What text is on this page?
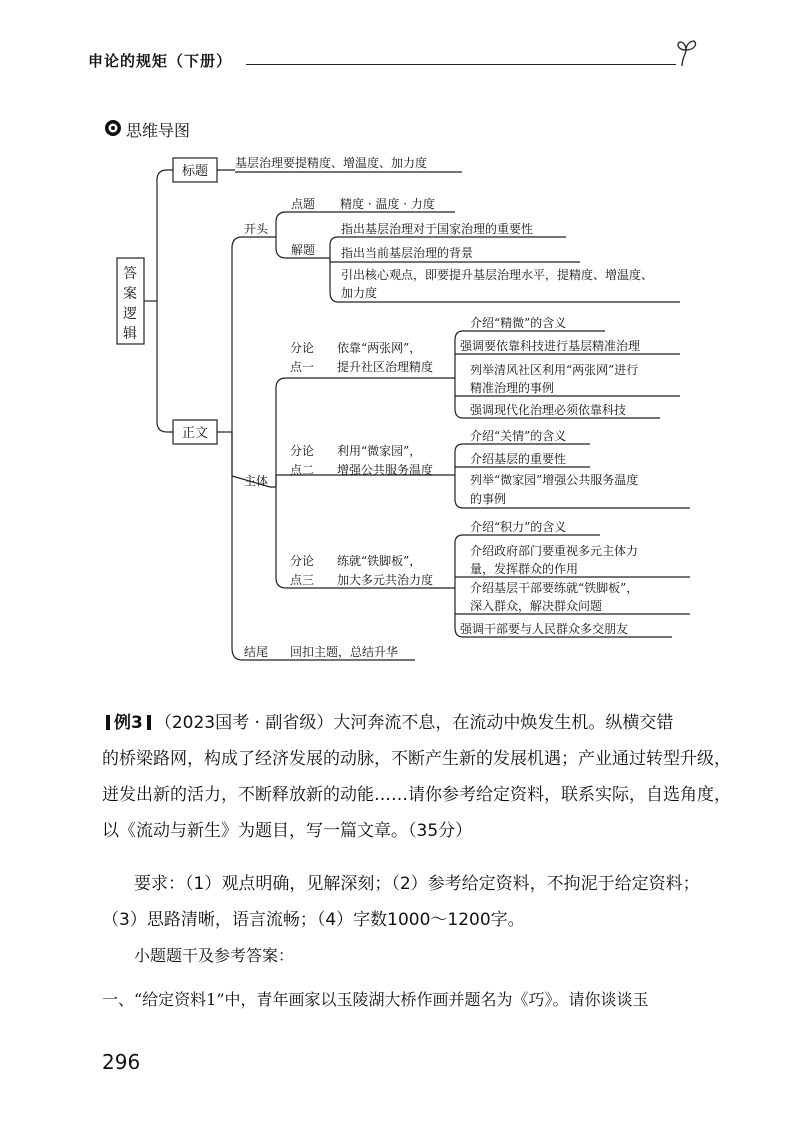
申论的规矩（下册）
思维导图
答
案
逻
辑
标题
基层治理要提精度、增温度、加力度
正文
开头
点题 精度 · 温度 · 力度
解题
指出基层治理对于国家治理的重要性
指出当前基层治理的背景
引出核心观点，即要提升基层治理水平，提精度、增温度、
加力度
主体
分论
点一
依靠“两张网”，
提升社区治理精度
介绍“精微”的含义
强调要依靠科技进行基层精准治理
列举清风社区利用“两张网”进行
精准治理的事例
强调现代化治理必须依靠科技
分论
点二
利用“微家园”，
增强公共服务温度
介绍“关情”的含义
介绍基层的重要性
列举“微家园”增强公共服务温度
的事例
分论
点三
练就“铁脚板”，
加大多元共治力度
介绍“积力”的含义
介绍政府部门要重视多元主体力
量，发挥群众的作用
介绍基层干部要练就“铁脚板”，
深入群众，解决群众问题
强调干部要与人民群众多交朋友
结尾 回扣主题，总结升华
例3 （2023国考 · 副省级）大河奔流不息，在流动中焕发生机。纵横交错
的桥梁路网，构成了经济发展的动脉，不断产生新的发展机遇；产业通过转型升级，
迸发出新的活力，不断释放新的动能……请你参考给定资料，联系实际，自选角度，
以《流动与新生》为题目，写一篇文章。（35分）
要求：（1）观点明确，见解深刻；（2）参考给定资料，不拘泥于给定资料；
（3）思路清晰，语言流畅；（4）字数1000～1200字。
小题题干及参考答案：
一、“给定资料1”中，青年画家以玉陵湖大桥作画并题名为《巧》。请你谈谈玉
296
